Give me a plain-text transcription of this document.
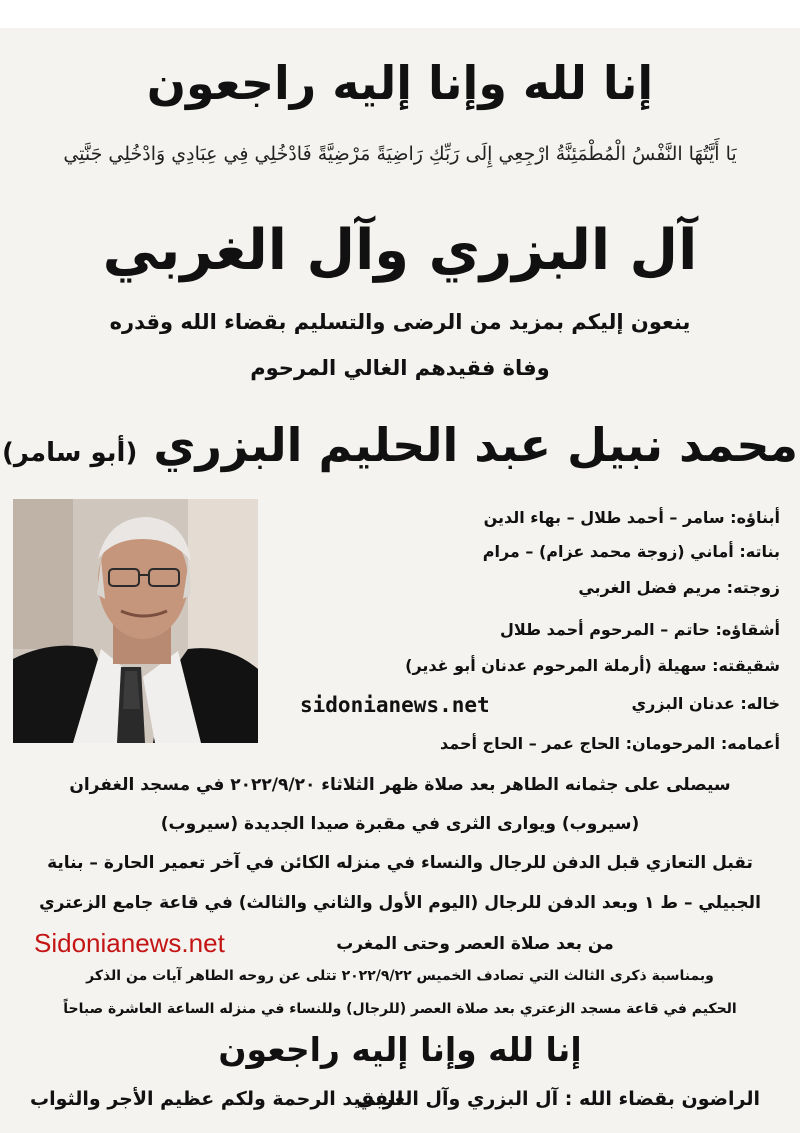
إنا لله وإنا إليه راجعون
يَا أَيَّتُهَا النَّفْسُ الْمُطْمَئِنَّةُ ارْجِعِي إِلَى رَبِّكِ رَاضِيَةً مَرْضِيَّةً فَادْخُلِي فِي عِبَادِي وَادْخُلِي جَنَّتِي
آل البزري وآل الغربي
ينعون إليكم بمزيد من الرضى والتسليم بقضاء الله وقدره
وفاة فقيدهم الغالي المرحوم
محمد نبيل عبد الحليم البزري (أبو سامر)
أبناؤه: سامر – أحمد طلال – بهاء الدين
بناته: أماني (زوجة محمد عزام) – مرام
زوجته: مريم فضل الغربي
أشقاؤه: حاتم – المرحوم أحمد طلال
شقيقته: سهيلة (أرملة المرحوم عدنان أبو غدير)
خاله: عدنان البزري
أعمامه: المرحومان: الحاج عمر – الحاج أحمد
sidonianews.net
سيصلى على جثمانه الطاهر بعد صلاة ظهر الثلاثاء ٢٠٢٢/٩/٢٠ في مسجد الغفران
(سيروب) ويوارى الثرى في مقبرة صيدا الجديدة (سيروب)
تقبل التعازي قبل الدفن للرجال والنساء في منزله الكائن في آخر تعمير الحارة – بناية
الجبيلي – ط ١ وبعد الدفن للرجال (اليوم الأول والثاني والثالث) في قاعة جامع الزعتري
من بعد صلاة العصر وحتى المغرب
Sidonianews.net
وبمناسبة ذكرى الثالث التي تصادف الخميس ٢٠٢٢/٩/٢٢ تتلى عن روحه الطاهر آيات من الذكر
الحكيم في قاعة مسجد الزعتري بعد صلاة العصر (للرجال) وللنساء في منزله الساعة العاشرة صباحاً
إنا لله وإنا إليه راجعون
الراضون بقضاء الله : آل البزري وآل الغربي
للفقيد الرحمة ولكم عظيم الأجر والثواب
